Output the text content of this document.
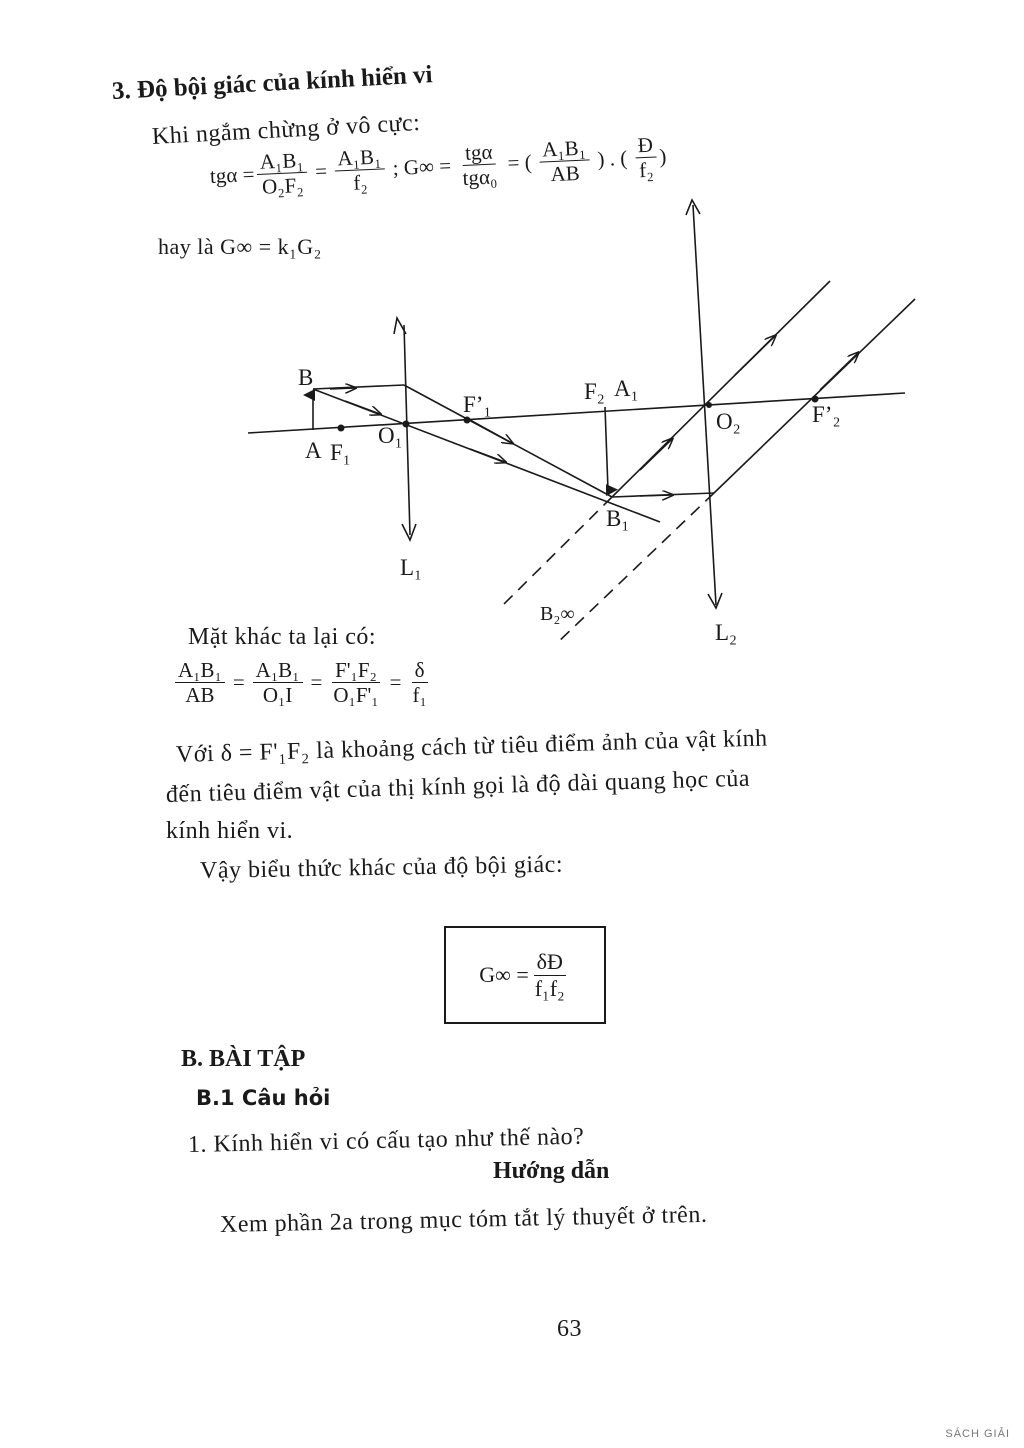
3. Độ bội giác của kính hiển vi
Khi ngắm chừng ở vô cực:
$tg\alpha = \frac{\text{A₁B₁}}{\text{O₂F₂}} = \frac{\text{A₁B₁}}{\text{f₂}}$ ; $G\infty = \frac{\text{tgα}}{\text{tgα₀}}$ = ( $\frac{\text{A₁B₁}}{AB}$ ) . ( $\frac{Đ}{\text{f₂}}$ )
hay là G∞ = k₁G₂
B
A F₁
O₁
F’₁
F₂ A₁
O₂	F’₂
B₁
L₁
L₂
B₂∞
Mặt khác ta lại có:
$\frac{\text{A₁B₁}}{AB} = \frac{\text{A₁B₁}}{\text{O₁I}} = \frac{\text{F'₁F₂}}{\text{O₁F'₁}} = \frac{\delta}{\text{f₁}}$
Với δ = F'₁F₂ là khoảng cách từ tiêu điểm ảnh của vật kính
đến tiêu điểm vật của thị kính gọi là độ dài quang học của
kính hiển vi.
Vậy biểu thức khác của độ bội giác:
$G\infty = \frac{\delta Đ}{\text{f₁f₂}}$
B. BÀI TẬP
B.1 Câu hỏi
1. Kính hiển vi có cấu tạo như thế nào?
Hướng dẫn
Xem phần 2a trong mục tóm tắt lý thuyết ở trên.
63
SÁCH GIẢI
